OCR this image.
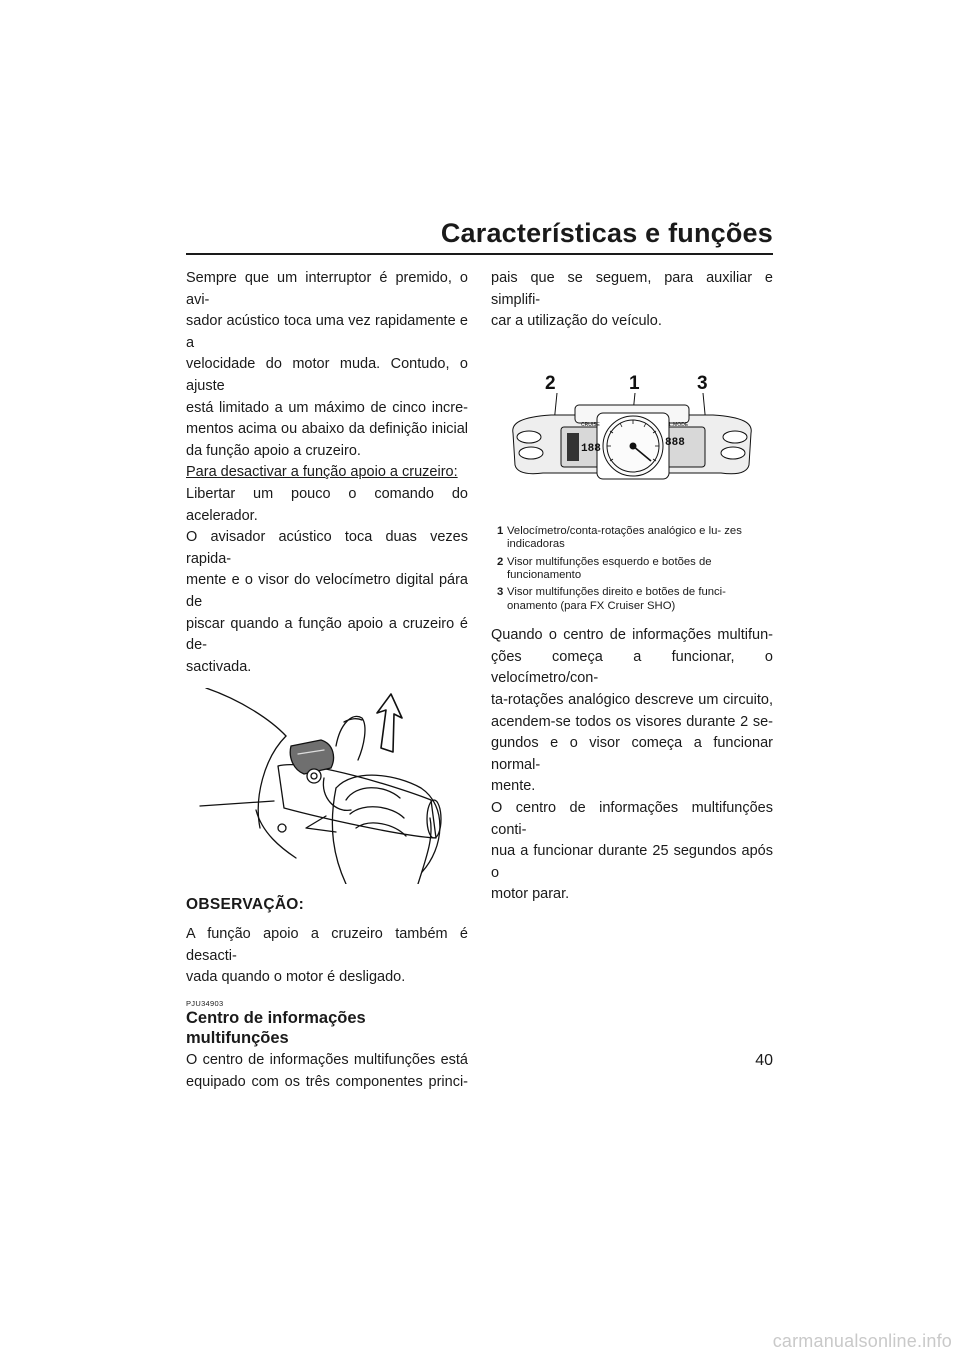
Características e funções

Sempre que um interruptor é premido, o avi-
sador acústico toca uma vez rapidamente e a
velocidade do motor muda. Contudo, o ajuste
está limitado a um máximo de cinco incre-
mentos acima ou abaixo da definição inicial
da função apoio a cruzeiro.

Para desactivar a função apoio a cruzeiro:

Libertar um pouco o comando do acelerador.
O avisador acústico toca duas vezes rapida-
mente e o visor do velocímetro digital pára de
piscar quando a função apoio a cruzeiro é de-
sactivada.

OBSERVAÇÃO:

A função apoio a cruzeiro também é desacti-
vada quando o motor é desligado.

PJU34903
Centro de informações multifunções

O centro de informações multifunções está
equipado com os três componentes princi-

pais que se seguem, para auxiliar e simplifi-
car a utilização do veículo.

2	1	3
CRUISE	L.MODE
188	888
1 Velocímetro/conta-rotações analógico e lu- zes indicadoras
2 Visor multifunções esquerdo e botões de funcionamento
3 Visor multifunções direito e botões de funci- onamento (para FX Cruiser SHO)

Quando o centro de informações multifun-
ções começa a funcionar, o velocímetro/con-
ta-rotações analógico descreve um circuito,
acendem-se todos os visores durante 2 se-
gundos e o visor começa a funcionar normal-
mente.

O centro de informações multifunções conti-
nua a funcionar durante 25 segundos após o
motor parar.

40
carmanualsonline.info
